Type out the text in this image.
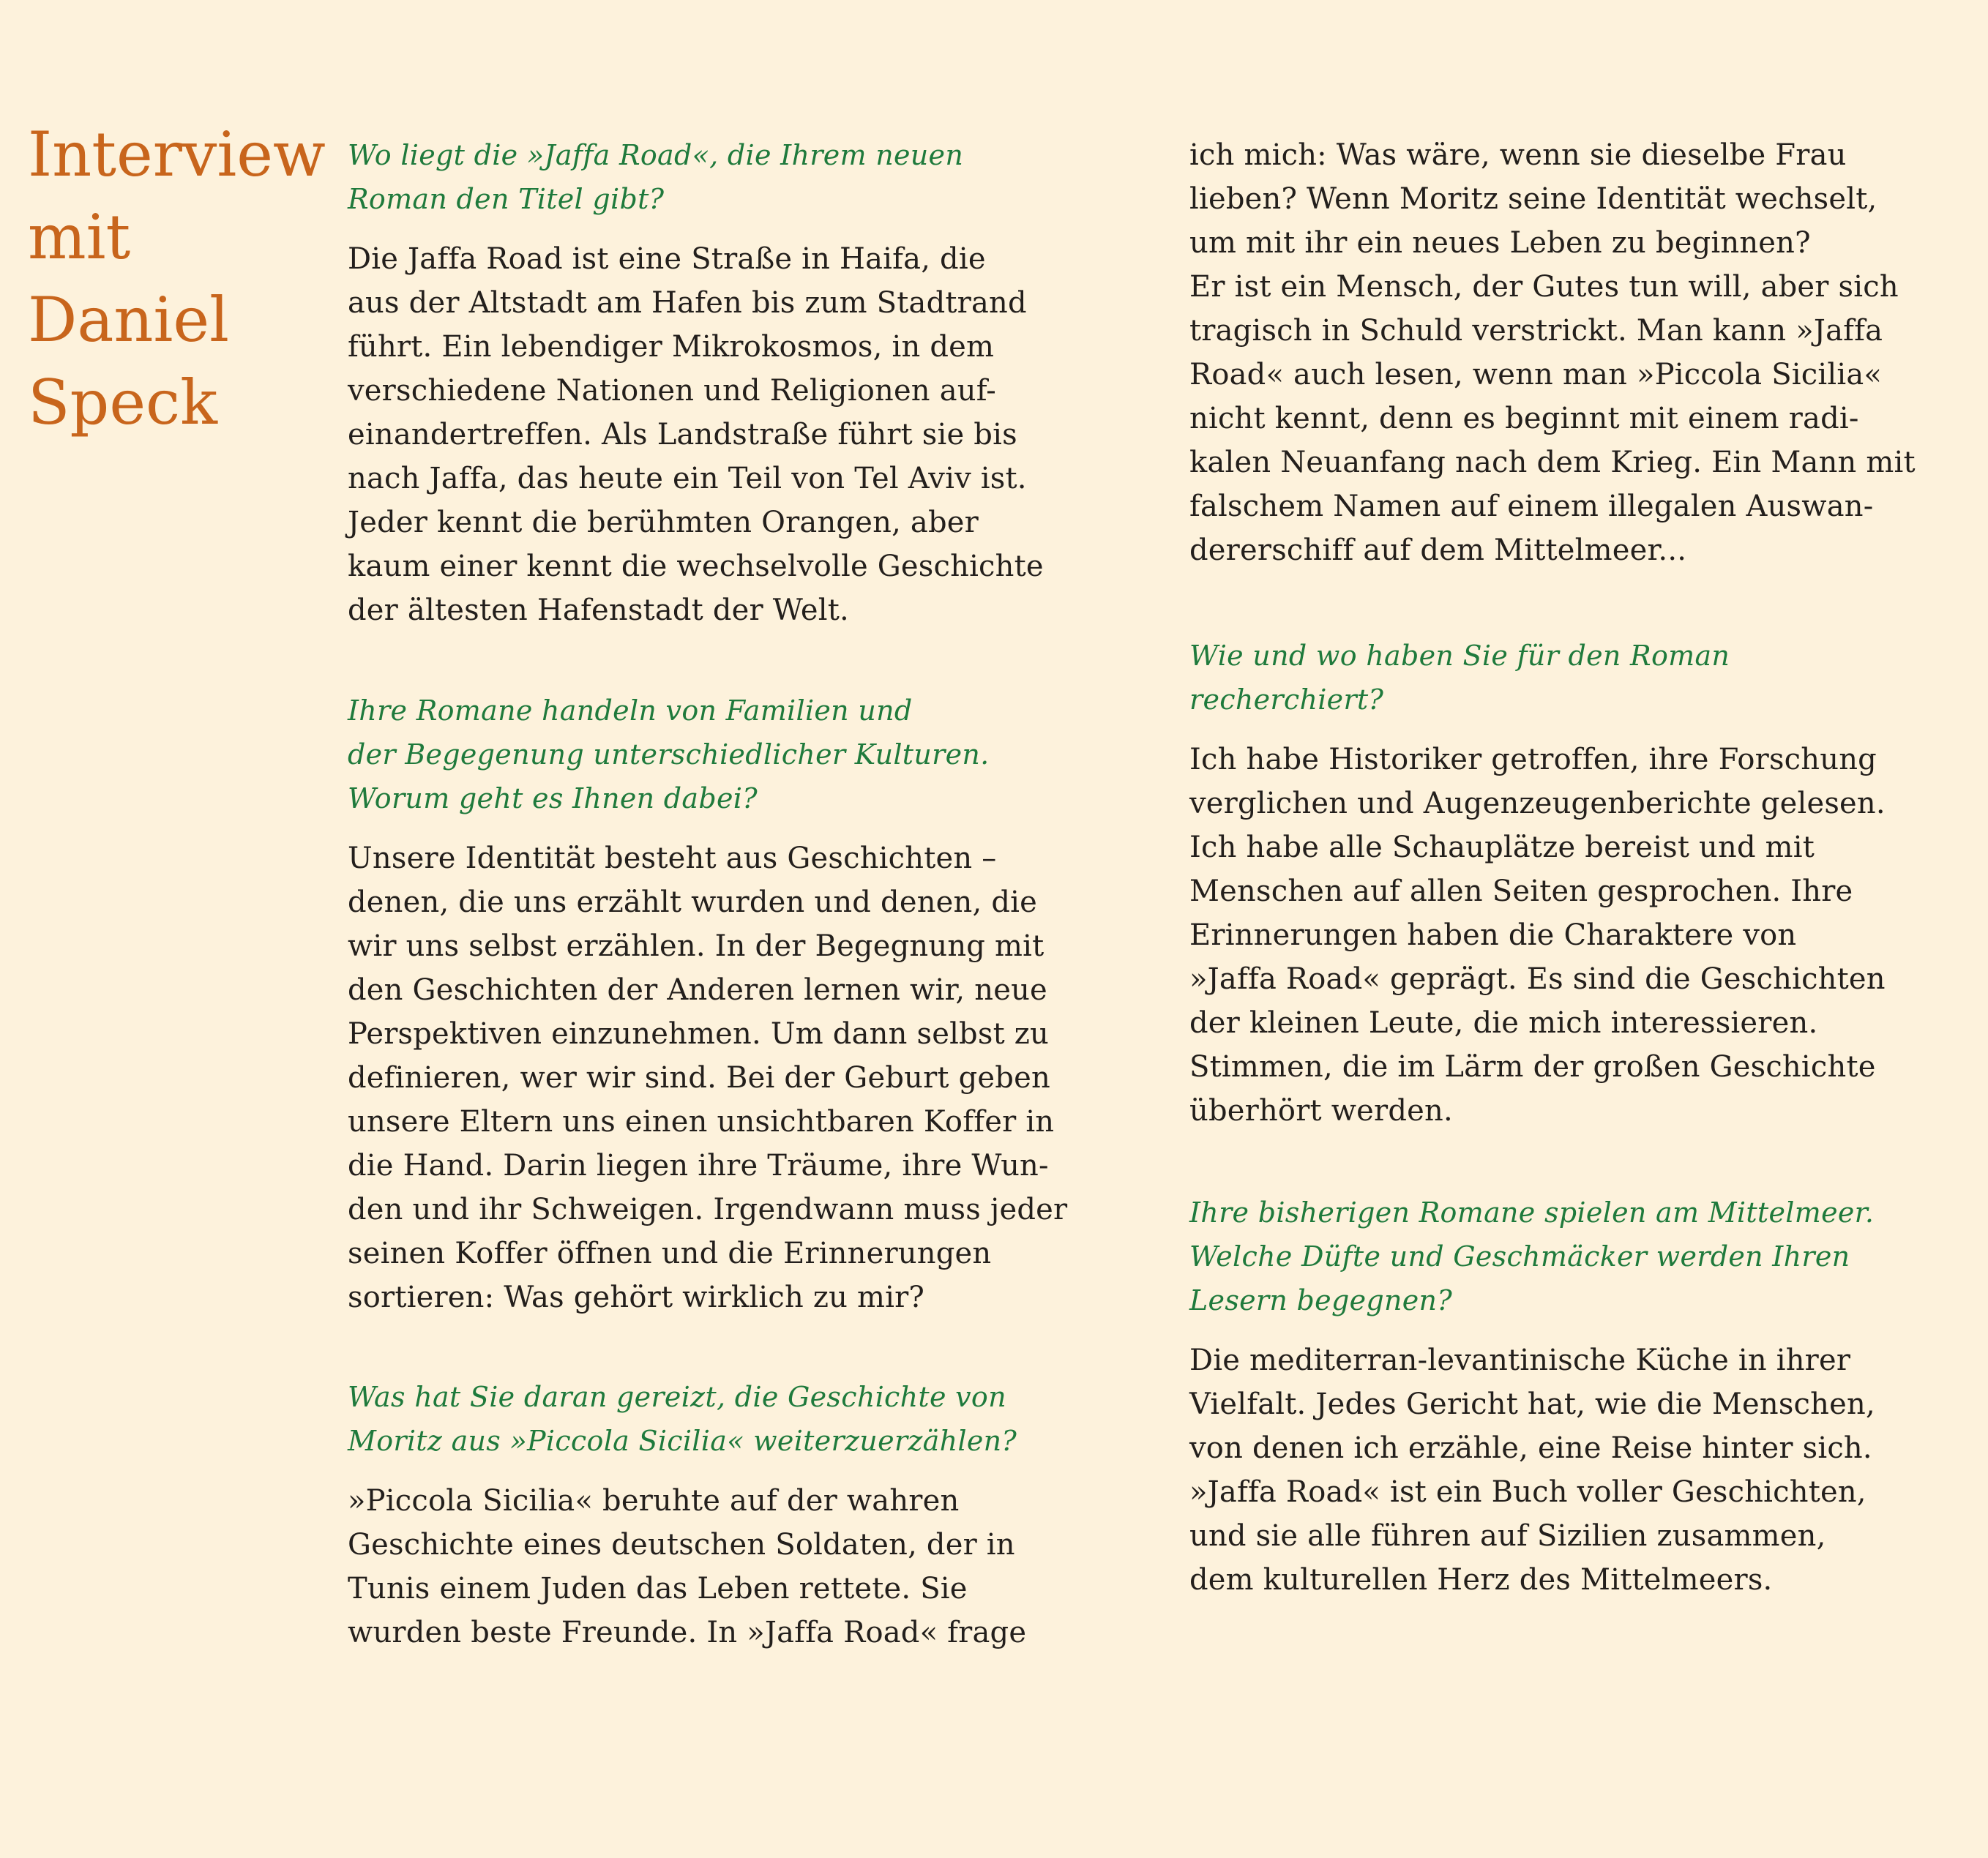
Interview
mit
Daniel
Speck
Wo liegt die »Jaffa Road«, die Ihrem neuen
Roman den Titel gibt?
Die Jaffa Road ist eine Straße in Haifa, die
aus der Altstadt am Hafen bis zum Stadtrand
führt. Ein lebendiger Mikrokosmos, in dem
verschiedene Nationen und Religionen auf-
einandertreffen. Als Landstraße führt sie bis
nach Jaffa, das heute ein Teil von Tel Aviv ist.
Jeder kennt die berühmten Orangen, aber
kaum einer kennt die wechselvolle Geschichte
der ältesten Hafenstadt der Welt.
Ihre Romane handeln von Familien und
der Begegenung unterschiedlicher Kulturen.
Worum geht es Ihnen dabei?
Unsere Identität besteht aus Geschichten –
denen, die uns erzählt wurden und denen, die
wir uns selbst erzählen. In der Begegnung mit
den Geschichten der Anderen lernen wir, neue
Perspektiven einzunehmen. Um dann selbst zu
definieren, wer wir sind. Bei der Geburt geben
unsere Eltern uns einen unsichtbaren Koffer in
die Hand. Darin liegen ihre Träume, ihre Wun-
den und ihr Schweigen. Irgendwann muss jeder
seinen Koffer öffnen und die Erinnerungen
sortieren: Was gehört wirklich zu mir?
Was hat Sie daran gereizt, die Geschichte von
Moritz aus »Piccola Sicilia« weiterzuerzählen?
»Piccola Sicilia« beruhte auf der wahren
Geschichte eines deutschen Soldaten, der in
Tunis einem Juden das Leben rettete. Sie
wurden beste Freunde. In »Jaffa Road« frage
ich mich: Was wäre, wenn sie dieselbe Frau
lieben? Wenn Moritz seine Identität wechselt,
um mit ihr ein neues Leben zu beginnen?
Er ist ein Mensch, der Gutes tun will, aber sich
tragisch in Schuld verstrickt. Man kann »Jaffa
Road« auch lesen, wenn man »Piccola Sicilia«
nicht kennt, denn es beginnt mit einem radi-
kalen Neuanfang nach dem Krieg. Ein Mann mit
falschem Namen auf einem illegalen Auswan-
dererschiff auf dem Mittelmeer...
Wie und wo haben Sie für den Roman
recherchiert?
Ich habe Historiker getroffen, ihre Forschung
verglichen und Augenzeugenberichte gelesen.
Ich habe alle Schauplätze bereist und mit
Menschen auf allen Seiten gesprochen. Ihre
Erinnerungen haben die Charaktere von
»Jaffa Road« geprägt. Es sind die Geschichten
der kleinen Leute, die mich interessieren.
Stimmen, die im Lärm der großen Geschichte
überhört werden.
Ihre bisherigen Romane spielen am Mittelmeer.
Welche Düfte und Geschmäcker werden Ihren
Lesern begegnen?
Die mediterran-levantinische Küche in ihrer
Vielfalt. Jedes Gericht hat, wie die Menschen,
von denen ich erzähle, eine Reise hinter sich.
»Jaffa Road« ist ein Buch voller Geschichten,
und sie alle führen auf Sizilien zusammen,
dem kulturellen Herz des Mittelmeers.
